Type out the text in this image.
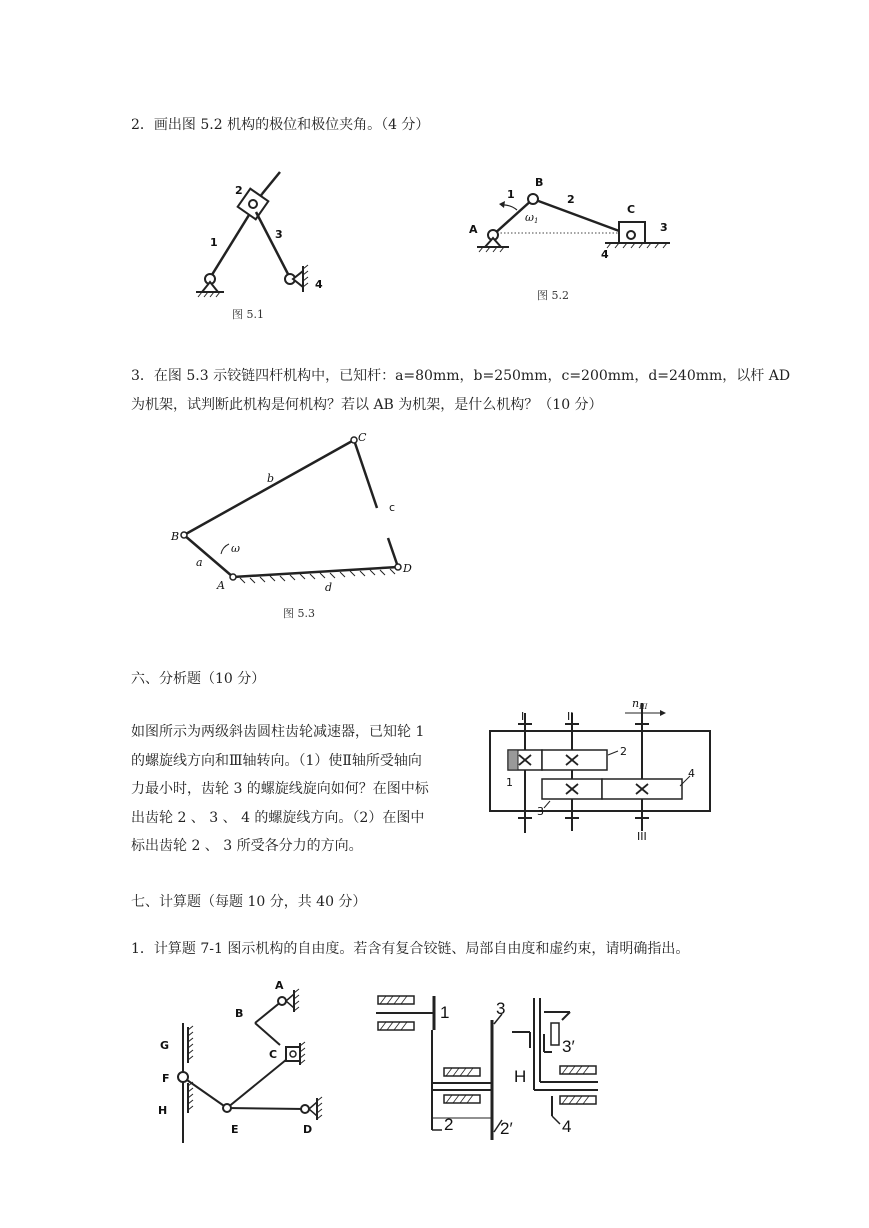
2．画出图 5.2 机构的极位和极位夹角。（4 分）
2
1
3
4
图 5.1
A
B
C
1	2
3
4
ω1
图 5.2
3．在图 5.3 示铰链四杆机构中，已知杆：a=80mm，b=250mm，c=200mm，d=240mm，以杆 AD
为机架，试判断此机构是何机构？若以 AB 为机架，是什么机构？（10 分）
B
C
A
D
b
c
a
d
ω
图 5.3
六、分析题（10 分）
如图所示为两级斜齿圆柱齿轮减速器，已知轮 1
的螺旋线方向和Ⅲ轴转向。（1）使Ⅱ轴所受轴向
力最小时，齿轮 3 的螺旋线旋向如何？在图中标
出齿轮 2 、 3 、 4 的螺旋线方向。（2）在图中
标出齿轮 2 、 3 所受各分力的方向。
I	II
III
2
1
3
4
nIII
七、计算题（每题 10 分，共 40 分）
1．计算题 7-1 图示机构的自由度。若含有复合铰链、局部自由度和虚约束，请明确指出。
A
B
C
D
E
F
G
H
1
2	2′
3
3′
H
4
